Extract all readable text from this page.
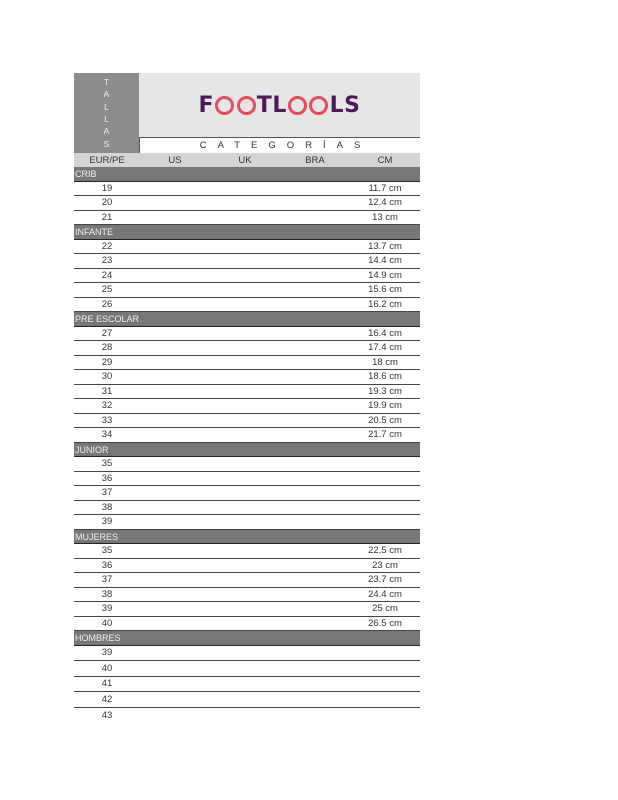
T
A
L
L
A
S
F T L L S
CATEGORÍAS
EUR/PE	US	UK	BRA	CM
CRIB
19	11.7 cm
20	12.4 cm
21	13 cm
INFANTE
22	13.7 cm
23	14.4 cm
24	14.9 cm
25	15.6 cm
26	16.2 cm
PRE ESCOLAR
27	16.4 cm
28	17.4 cm
29	18 cm
30	18.6 cm
31	19.3 cm
32	19.9 cm
33	20.5 cm
34	21.7 cm
JUNIOR
35
36
37
38
39
MUJERES
35	22.5 cm
36	23 cm
37	23.7 cm
38	24.4 cm
39	25 cm
40	26.5 cm
HOMBRES
39
40
41
42
43
